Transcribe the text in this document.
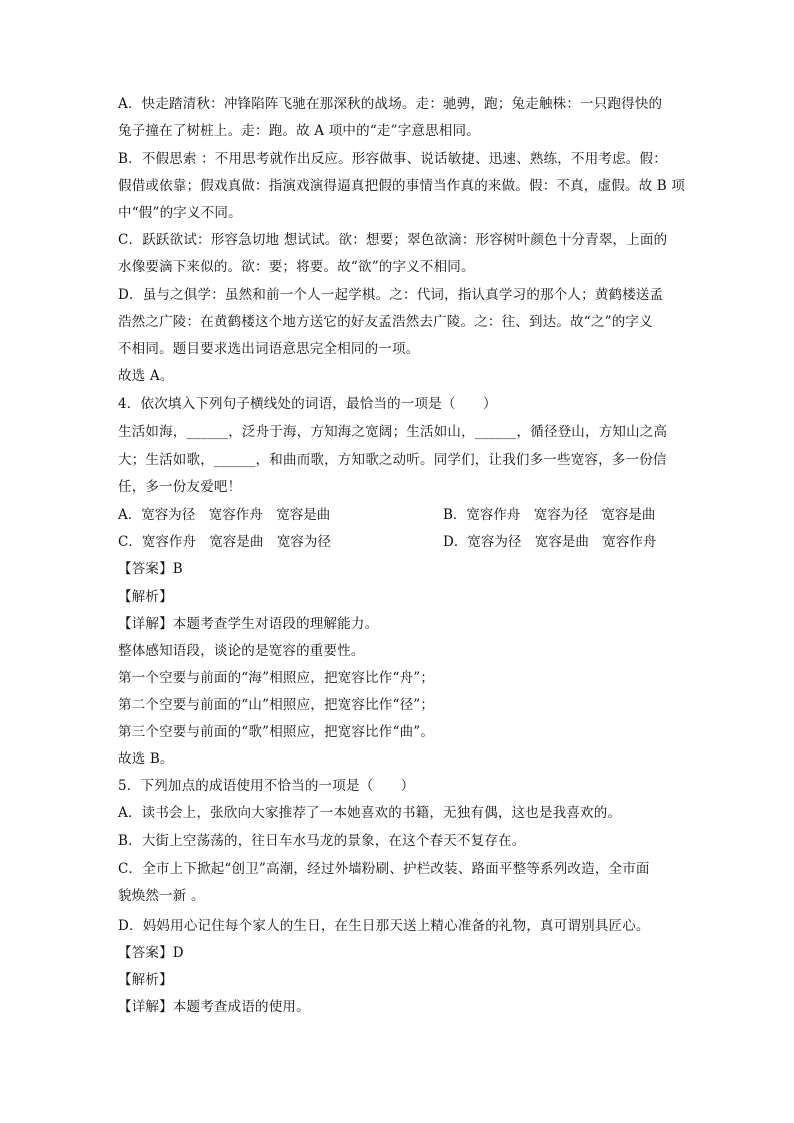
A．快走踏清秋：冲锋陷阵飞驰在那深秋的战场。走：驰骋，跑；兔走触株：一只跑得快的
兔子撞在了树桩上。走：跑。故 A 项中的“走”字意思相同。
B．不假思索 ：不用思考就作出反应。形容做事、说话敏捷、迅速、熟练，不用考虑。假：
假借或依靠；假戏真做：指演戏演得逼真把假的事情当作真的来做。假：不真，虚假。故 B 项
中“假”的字义不同。
C．跃跃欲试：形容急切地 想试试。欲：想要；翠色欲滴：形容树叶颜色十分青翠，上面的
水像要滴下来似的。欲：要；将要。故“欲”的字义不相同。
D．虽与之俱学：虽然和前一个人一起学棋。之：代词，指认真学习的那个人；黄鹤楼送孟
浩然之广陵：在黄鹤楼这个地方送它的好友孟浩然去广陵。之：往、到达。故“之”的字义
不相同。题目要求选出词语意思完全相同的一项。
故选 A。
4．依次填入下列句子横线处的词语，最恰当的一项是（　　）
生活如海，______，泛舟于海，方知海之宽阔；生活如山，______，循径登山，方知山之高
大；生活如歌，______，和曲而歌，方知歌之动听。同学们，让我们多一些宽容，多一份信
任，多一份友爱吧！
A．宽容为径　宽容作舟　宽容是曲	B．宽容作舟　宽容为径　宽容是曲
C．宽容作舟　宽容是曲　宽容为径	D．宽容为径　宽容是曲　宽容作舟
【答案】B
【解析】
【详解】本题考查学生对语段的理解能力。
整体感知语段，谈论的是宽容的重要性。
第一个空要与前面的“海”相照应，把宽容比作“舟”；
第二个空要与前面的“山”相照应，把宽容比作“径”；
第三个空要与前面的“歌”相照应，把宽容比作“曲”。
故选 B。
5．下列加点的成语使用不恰当的一项是（　　）
A．读书会上，张欣向大家推荐了一本她喜欢的书籍，无独有偶，这也是我喜欢的。
B．大街上空荡荡的，往日车水马龙的景象，在这个春天不复存在。
C．全市上下掀起“创卫”高潮，经过外墙粉刷、护栏改装、路面平整等系列改造，全市面
貌焕然一新 。
D．妈妈用心记住每个家人的生日，在生日那天送上精心准备的礼物，真可谓别具匠心。
【答案】D
【解析】
【详解】本题考查成语的使用。
